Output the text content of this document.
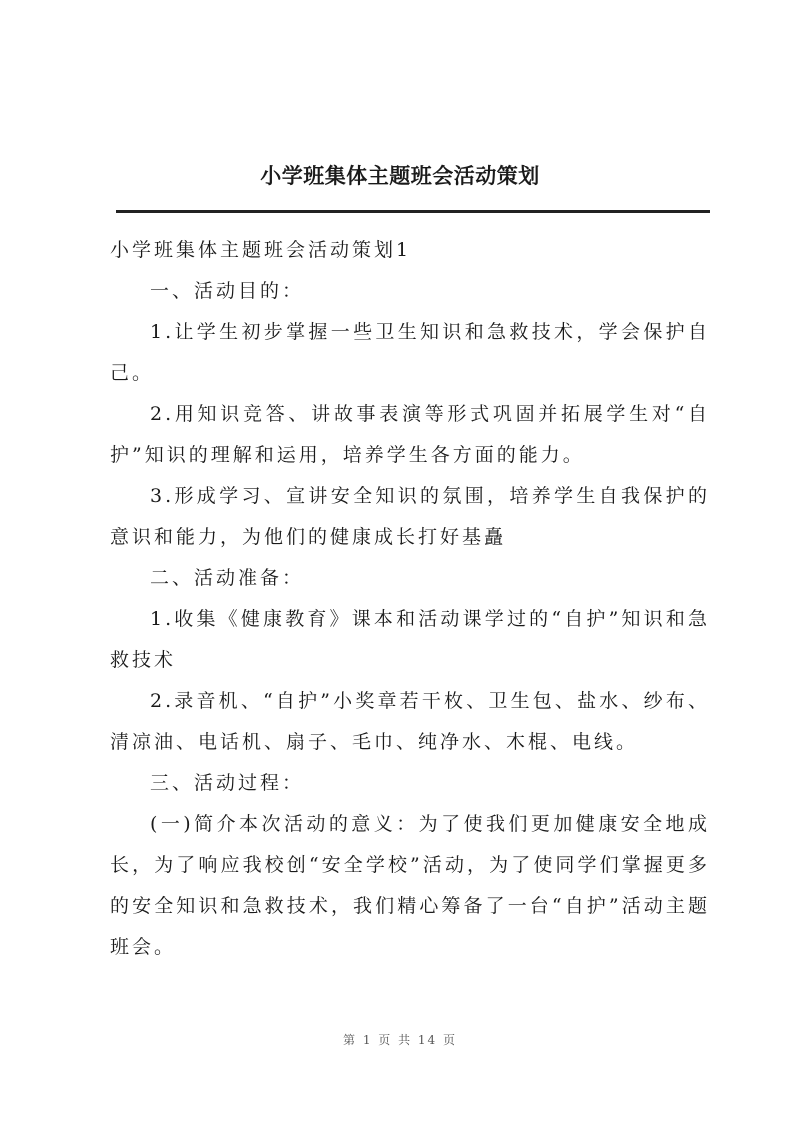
小学班集体主题班会活动策划

小学班集体主题班会活动策划1

一、活动目的：

1.让学生初步掌握一些卫生知识和急救技术，学会保护自己。

2.用知识竞答、讲故事表演等形式巩固并拓展学生对“自护”知识的理解和运用，培养学生各方面的能力。

3.形成学习、宣讲安全知识的氛围，培养学生自我保护的意识和能力，为他们的健康成长打好基矗

二、活动准备：

1.收集《健康教育》课本和活动课学过的“自护”知识和急救技术

2.录音机、“自护”小奖章若干枚、卫生包、盐水、纱布、清凉油、电话机、扇子、毛巾、纯净水、木棍、电线。

三、活动过程：

(一)简介本次活动的意义：为了使我们更加健康安全地成长，为了响应我校创“安全学校”活动，为了使同学们掌握更多的安全知识和急救技术，我们精心筹备了一台“自护”活动主题班会。

第 1 页 共 14 页
